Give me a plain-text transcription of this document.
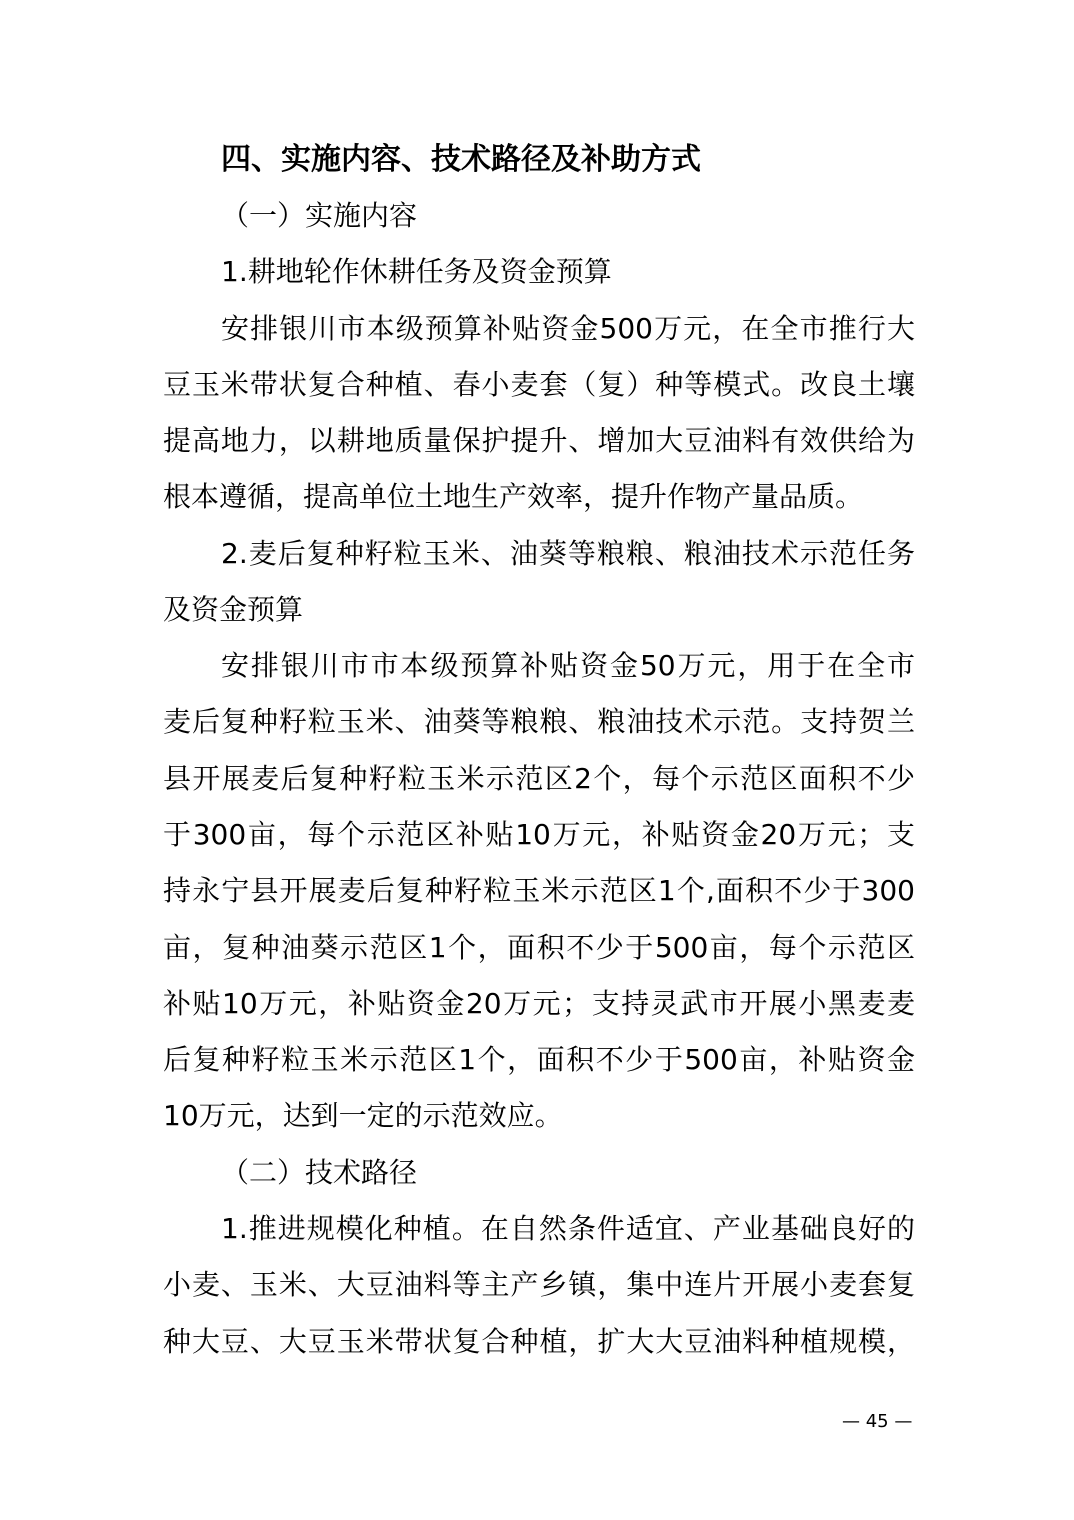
四、实施内容、技术路径及补助方式
（一）实施内容
1.耕地轮作休耕任务及资金预算
安排银川市本级预算补贴资金500万元，在全市推行大
豆玉米带状复合种植、春小麦套（复）种等模式。改良土壤
提高地力，以耕地质量保护提升、增加大豆油料有效供给为
根本遵循，提高单位土地生产效率，提升作物产量品质。
2.麦后复种籽粒玉米、油葵等粮粮、粮油技术示范任务
及资金预算
安排银川市市本级预算补贴资金50万元，用于在全市
麦后复种籽粒玉米、油葵等粮粮、粮油技术示范。支持贺兰
县开展麦后复种籽粒玉米示范区2个，每个示范区面积不少
于300亩，每个示范区补贴10万元，补贴资金20万元；支
持永宁县开展麦后复种籽粒玉米示范区1个,面积不少于300
亩，复种油葵示范区1个，面积不少于500亩，每个示范区
补贴10万元，补贴资金20万元；支持灵武市开展小黑麦麦
后复种籽粒玉米示范区1个，面积不少于500亩，补贴资金
10万元，达到一定的示范效应。
（二）技术路径
1.推进规模化种植。在自然条件适宜、产业基础良好的
小麦、玉米、大豆油料等主产乡镇，集中连片开展小麦套复
种大豆、大豆玉米带状复合种植，扩大大豆油料种植规模，
— 45 —
